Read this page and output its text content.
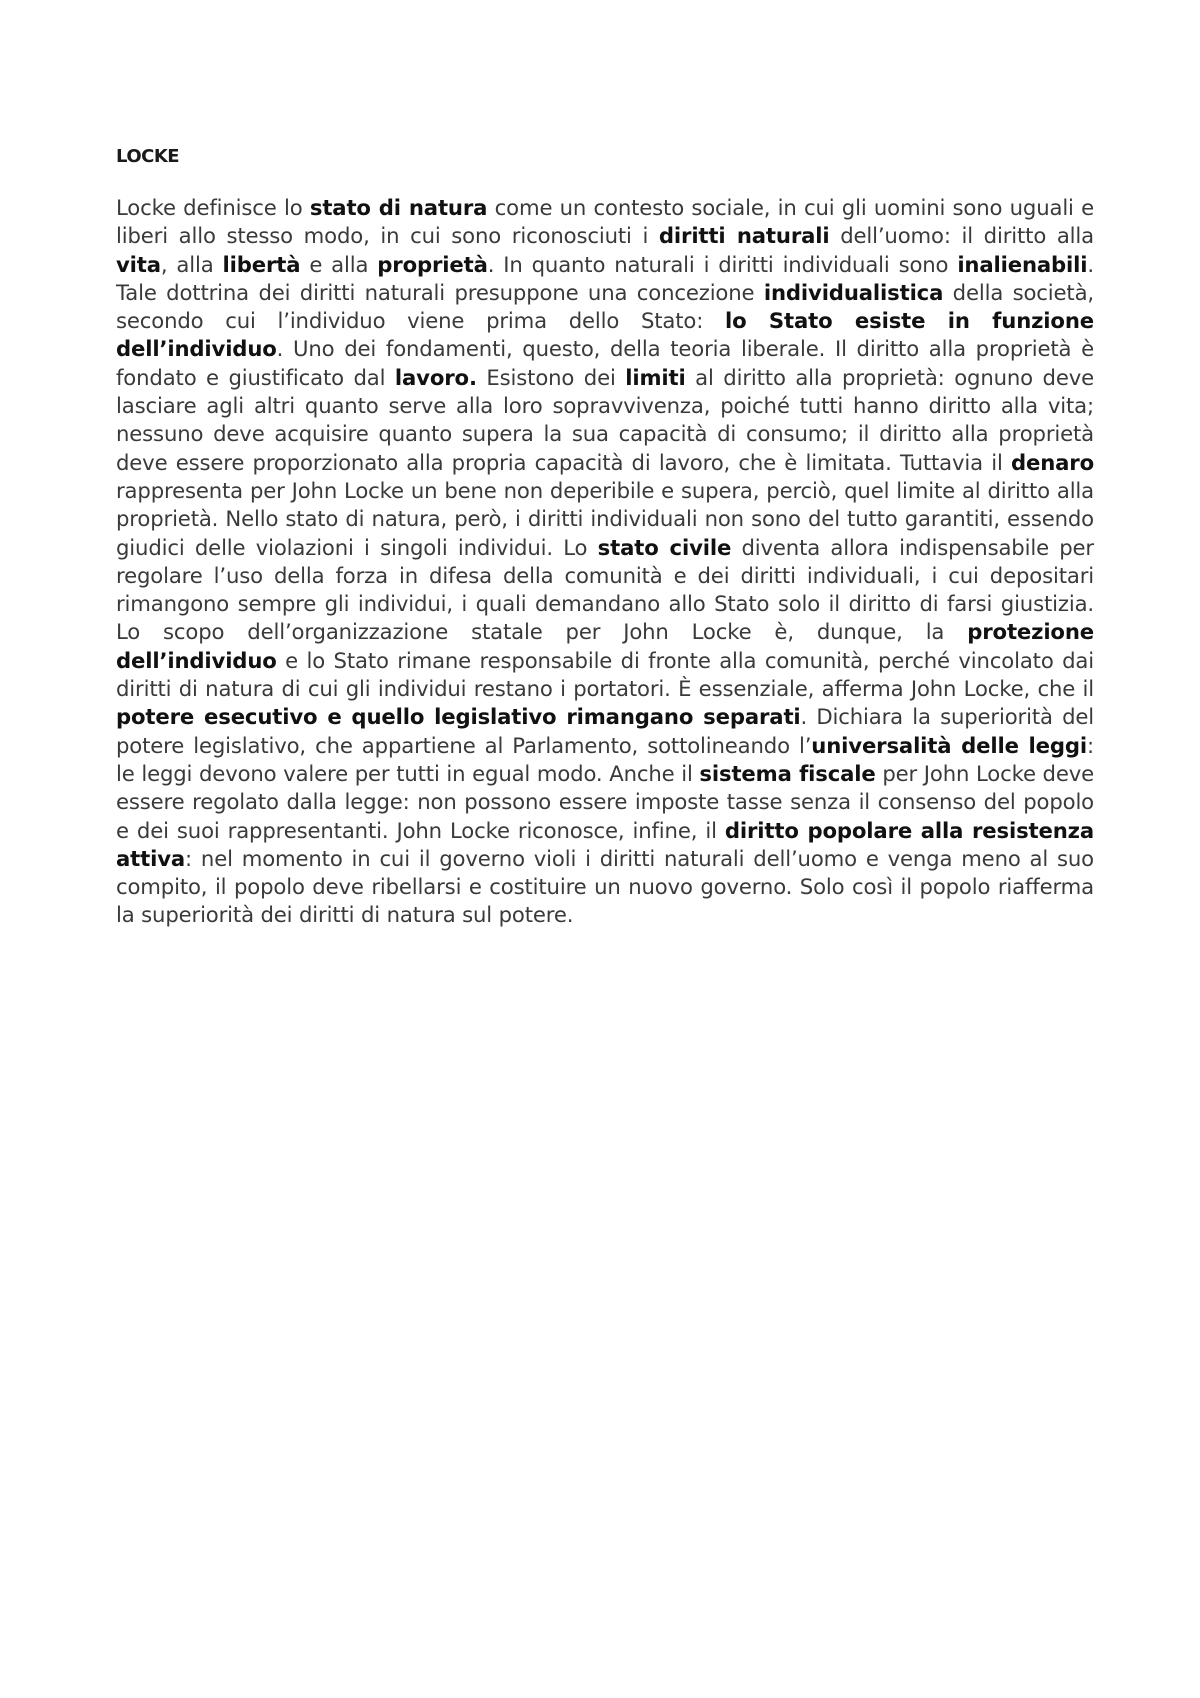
LOCKE

Locke definisce lo stato di natura come un contesto sociale, in cui gli uomini sono uguali e liberi allo stesso modo, in cui sono riconosciuti i diritti naturali dell’uomo: il diritto alla vita, alla libertà e alla proprietà. In quanto naturali i diritti individuali sono inalienabili. Tale dottrina dei diritti naturali presuppone una concezione individualistica della società, secondo cui l’individuo viene prima dello Stato: lo Stato esiste in funzione dell’individuo. Uno dei fondamenti, questo, della teoria liberale. Il diritto alla proprietà è fondato e giustificato dal lavoro. Esistono dei limiti al diritto alla proprietà: ognuno deve lasciare agli altri quanto serve alla loro sopravvivenza, poiché tutti hanno diritto alla vita; nessuno deve acquisire quanto supera la sua capacità di consumo; il diritto alla proprietà deve essere proporzionato alla propria capacità di lavoro, che è limitata. Tuttavia il denaro rappresenta per John Locke un bene non deperibile e supera, perciò, quel limite al diritto alla proprietà. Nello stato di natura, però, i diritti individuali non sono del tutto garantiti, essendo giudici delle violazioni i singoli individui. Lo stato civile diventa allora indispensabile per regolare l’uso della forza in difesa della comunità e dei diritti individuali, i cui depositari rimangono sempre gli individui, i quali demandano allo Stato solo il diritto di farsi giustizia. Lo scopo dell’organizzazione statale per John Locke è, dunque, la protezione dell’individuo e lo Stato rimane responsabile di fronte alla comunità, perché vincolato dai diritti di natura di cui gli individui restano i portatori. È essenziale, afferma John Locke, che il potere esecutivo e quello legislativo rimangano separati. Dichiara la superiorità del potere legislativo, che appartiene al Parlamento, sottolineando l’universalità delle leggi: le leggi devono valere per tutti in egual modo. Anche il sistema fiscale per John Locke deve essere regolato dalla legge: non possono essere imposte tasse senza il consenso del popolo e dei suoi rappresentanti. John Locke riconosce, infine, il diritto popolare alla resistenza attiva: nel momento in cui il governo violi i diritti naturali dell’uomo e venga meno al suo compito, il popolo deve ribellarsi e costituire un nuovo governo. Solo così il popolo riafferma la superiorità dei diritti di natura sul potere.
